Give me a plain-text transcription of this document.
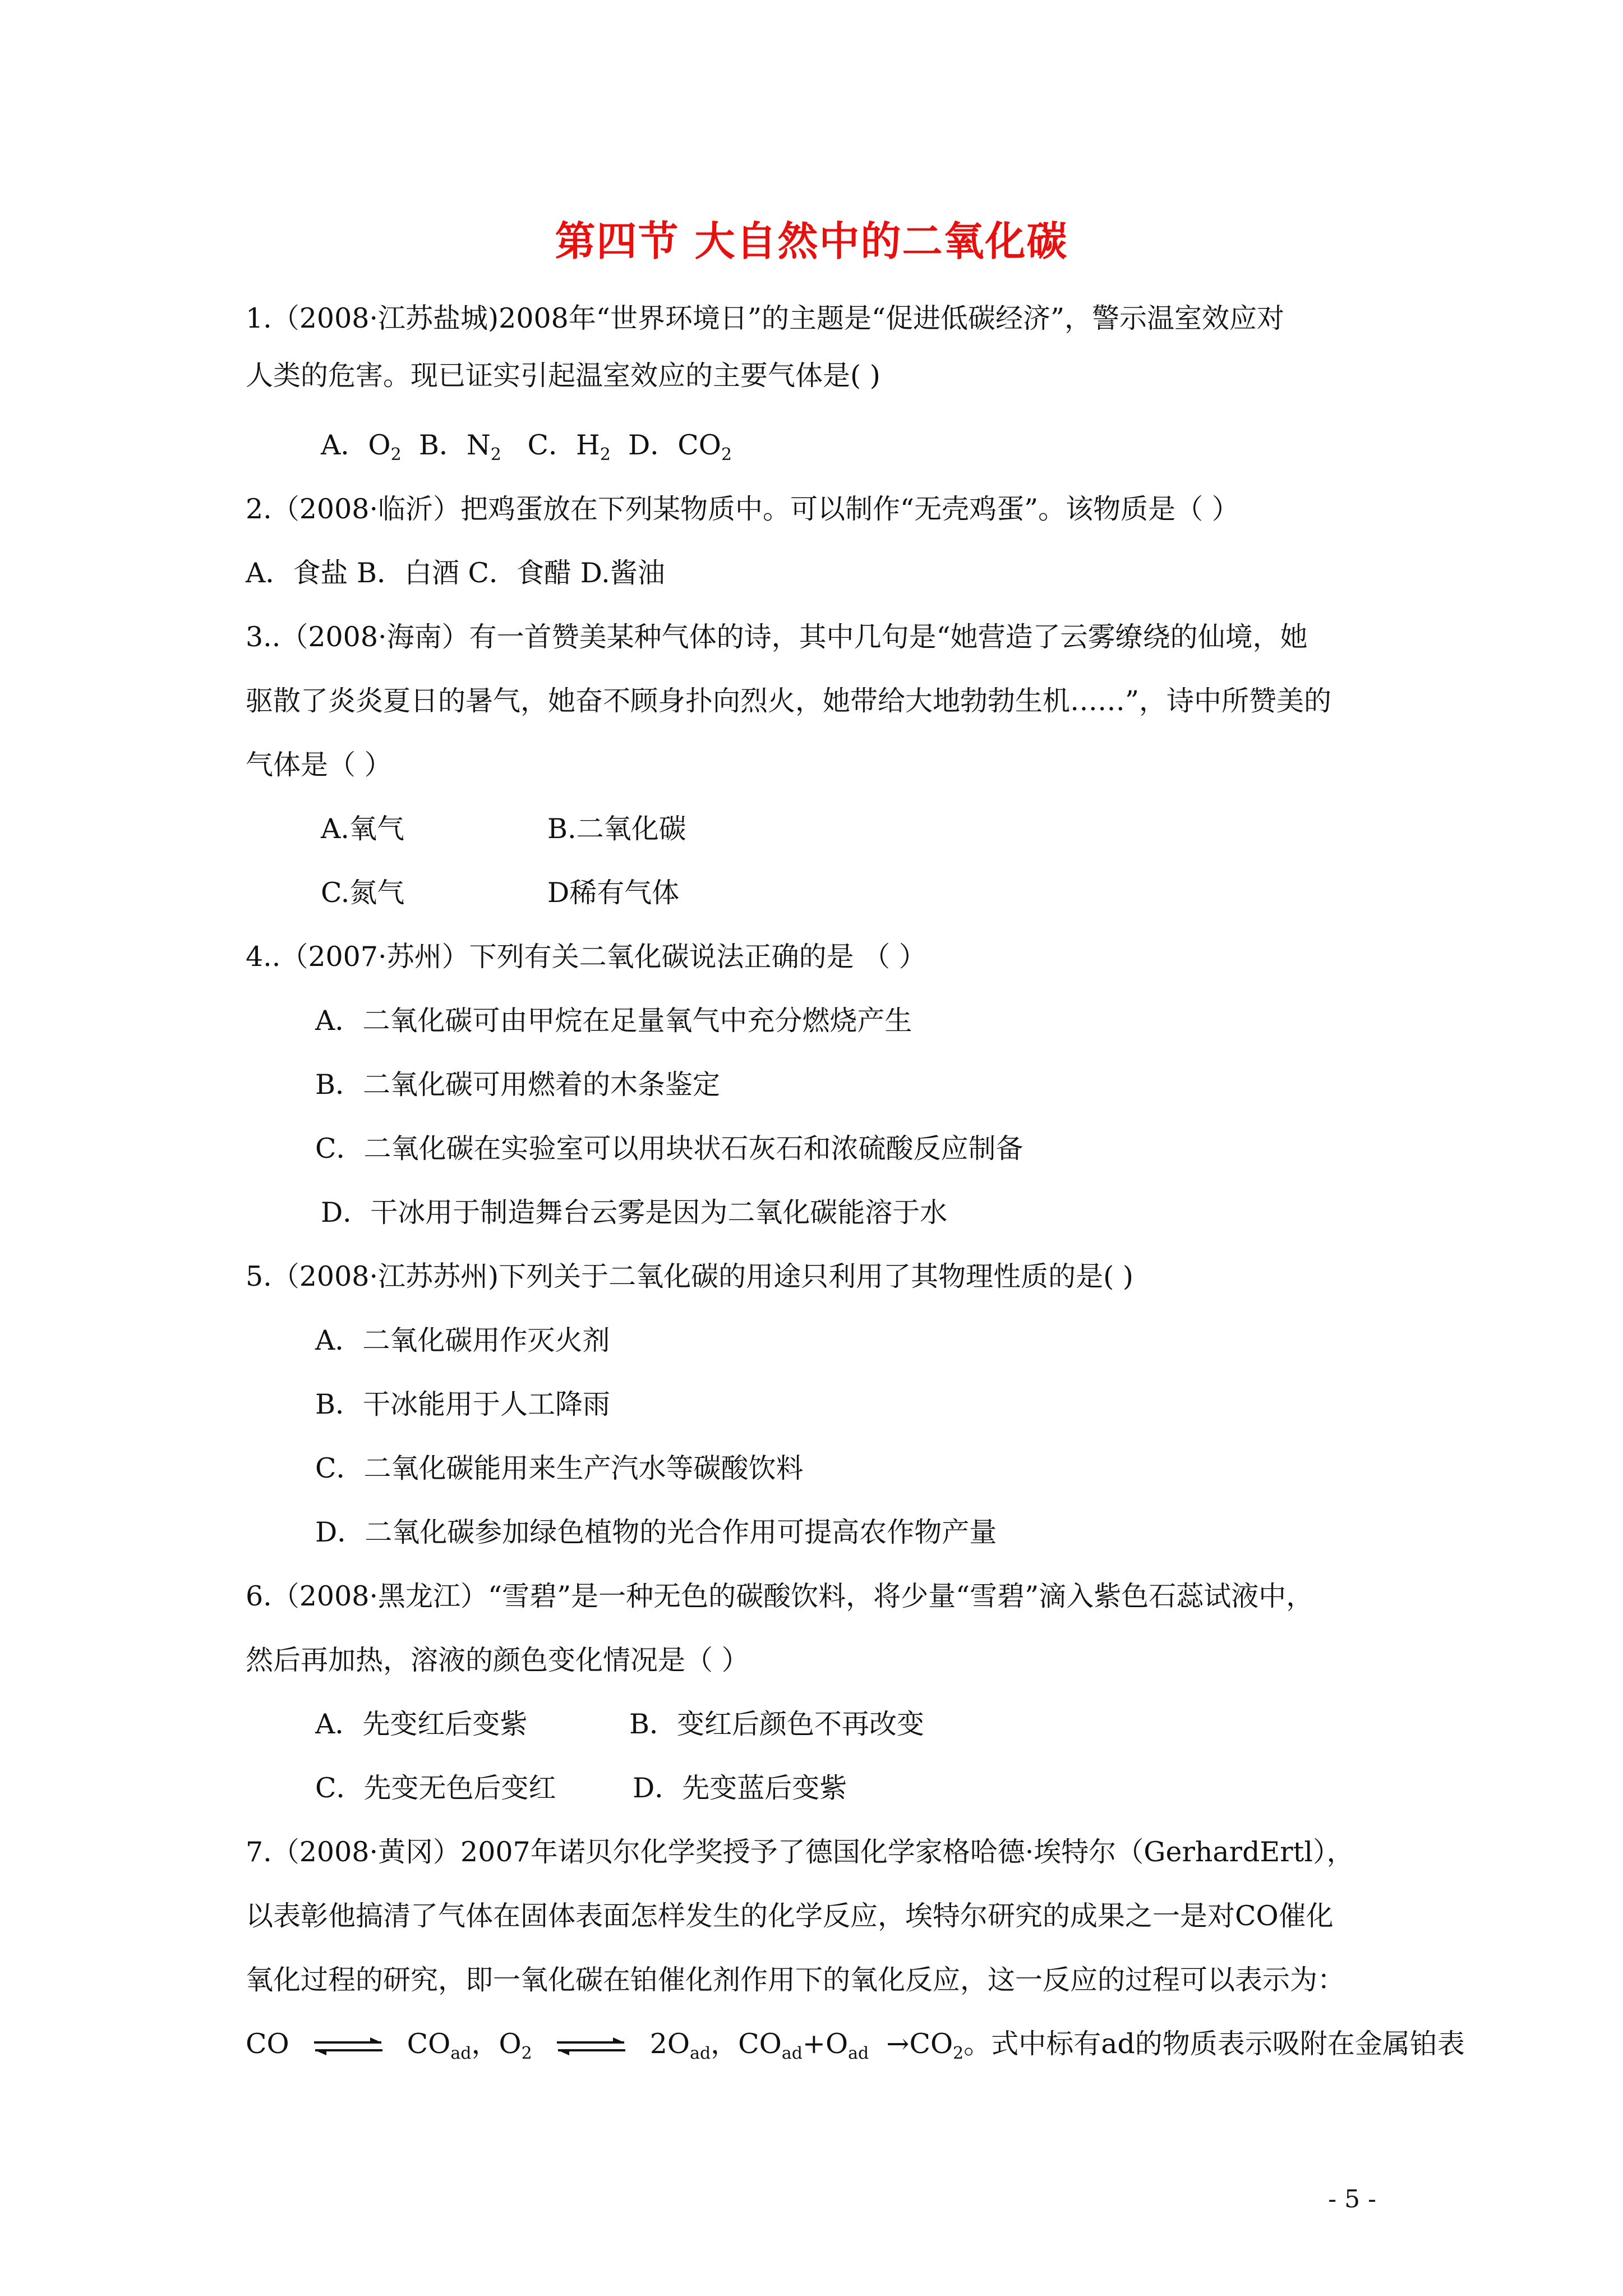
第四节 大自然中的二氧化碳
1.（2008·江苏盐城)2008年“世界环境日”的主题是“促进低碳经济”，警示温室效应对
人类的危害。现已证实引起温室效应的主要气体是( )
A．$O_2$ B．$N_2$ C．$H_2$ D．$CO_2$
2.（2008·临沂）把鸡蛋放在下列某物质中。可以制作“无壳鸡蛋”。该物质是（ ）
A．食盐 B．白酒 C．食醋 D.酱油
3..（2008·海南）有一首赞美某种气体的诗，其中几句是“她营造了云雾缭绕的仙境，她
驱散了炎炎夏日的暑气，她奋不顾身扑向烈火，她带给大地勃勃生机……”，诗中所赞美的
气体是（ ）
A.氧气	B.二氧化碳
C.氮气	D稀有气体
4..（2007·苏州）下列有关二氧化碳说法正确的是 （ ）
A．二氧化碳可由甲烷在足量氧气中充分燃烧产生
B．二氧化碳可用燃着的木条鉴定
C．二氧化碳在实验室可以用块状石灰石和浓硫酸反应制备
D．干冰用于制造舞台云雾是因为二氧化碳能溶于水
5.（2008·江苏苏州)下列关于二氧化碳的用途只利用了其物理性质的是( )
A．二氧化碳用作灭火剂
B．干冰能用于人工降雨
C．二氧化碳能用来生产汽水等碳酸饮料
D．二氧化碳参加绿色植物的光合作用可提高农作物产量
6.（2008·黑龙江）“雪碧”是一种无色的碳酸饮料，将少量“雪碧”滴入紫色石蕊试液中，
然后再加热，溶液的颜色变化情况是（ ）
A．先变红后变紫	B．变红后颜色不再改变
C．先变无色后变红	D．先变蓝后变紫
7.（2008·黄冈）2007年诺贝尔化学奖授予了德国化学家格哈德·埃特尔（GerhardErtl），
以表彰他搞清了气体在固体表面怎样发生的化学反应，埃特尔研究的成果之一是对CO催化
氧化过程的研究，即一氧化碳在铂催化剂作用下的氧化反应，这一反应的过程可以表示为：
CO ⇌ $CO_{ad}$，$O_2$ ⇌ $2O_{ad}$，$CO_{ad}+O_{ad} \to CO_2$。式中标有ad的物质表示吸附在金属铂表
- 5 -
